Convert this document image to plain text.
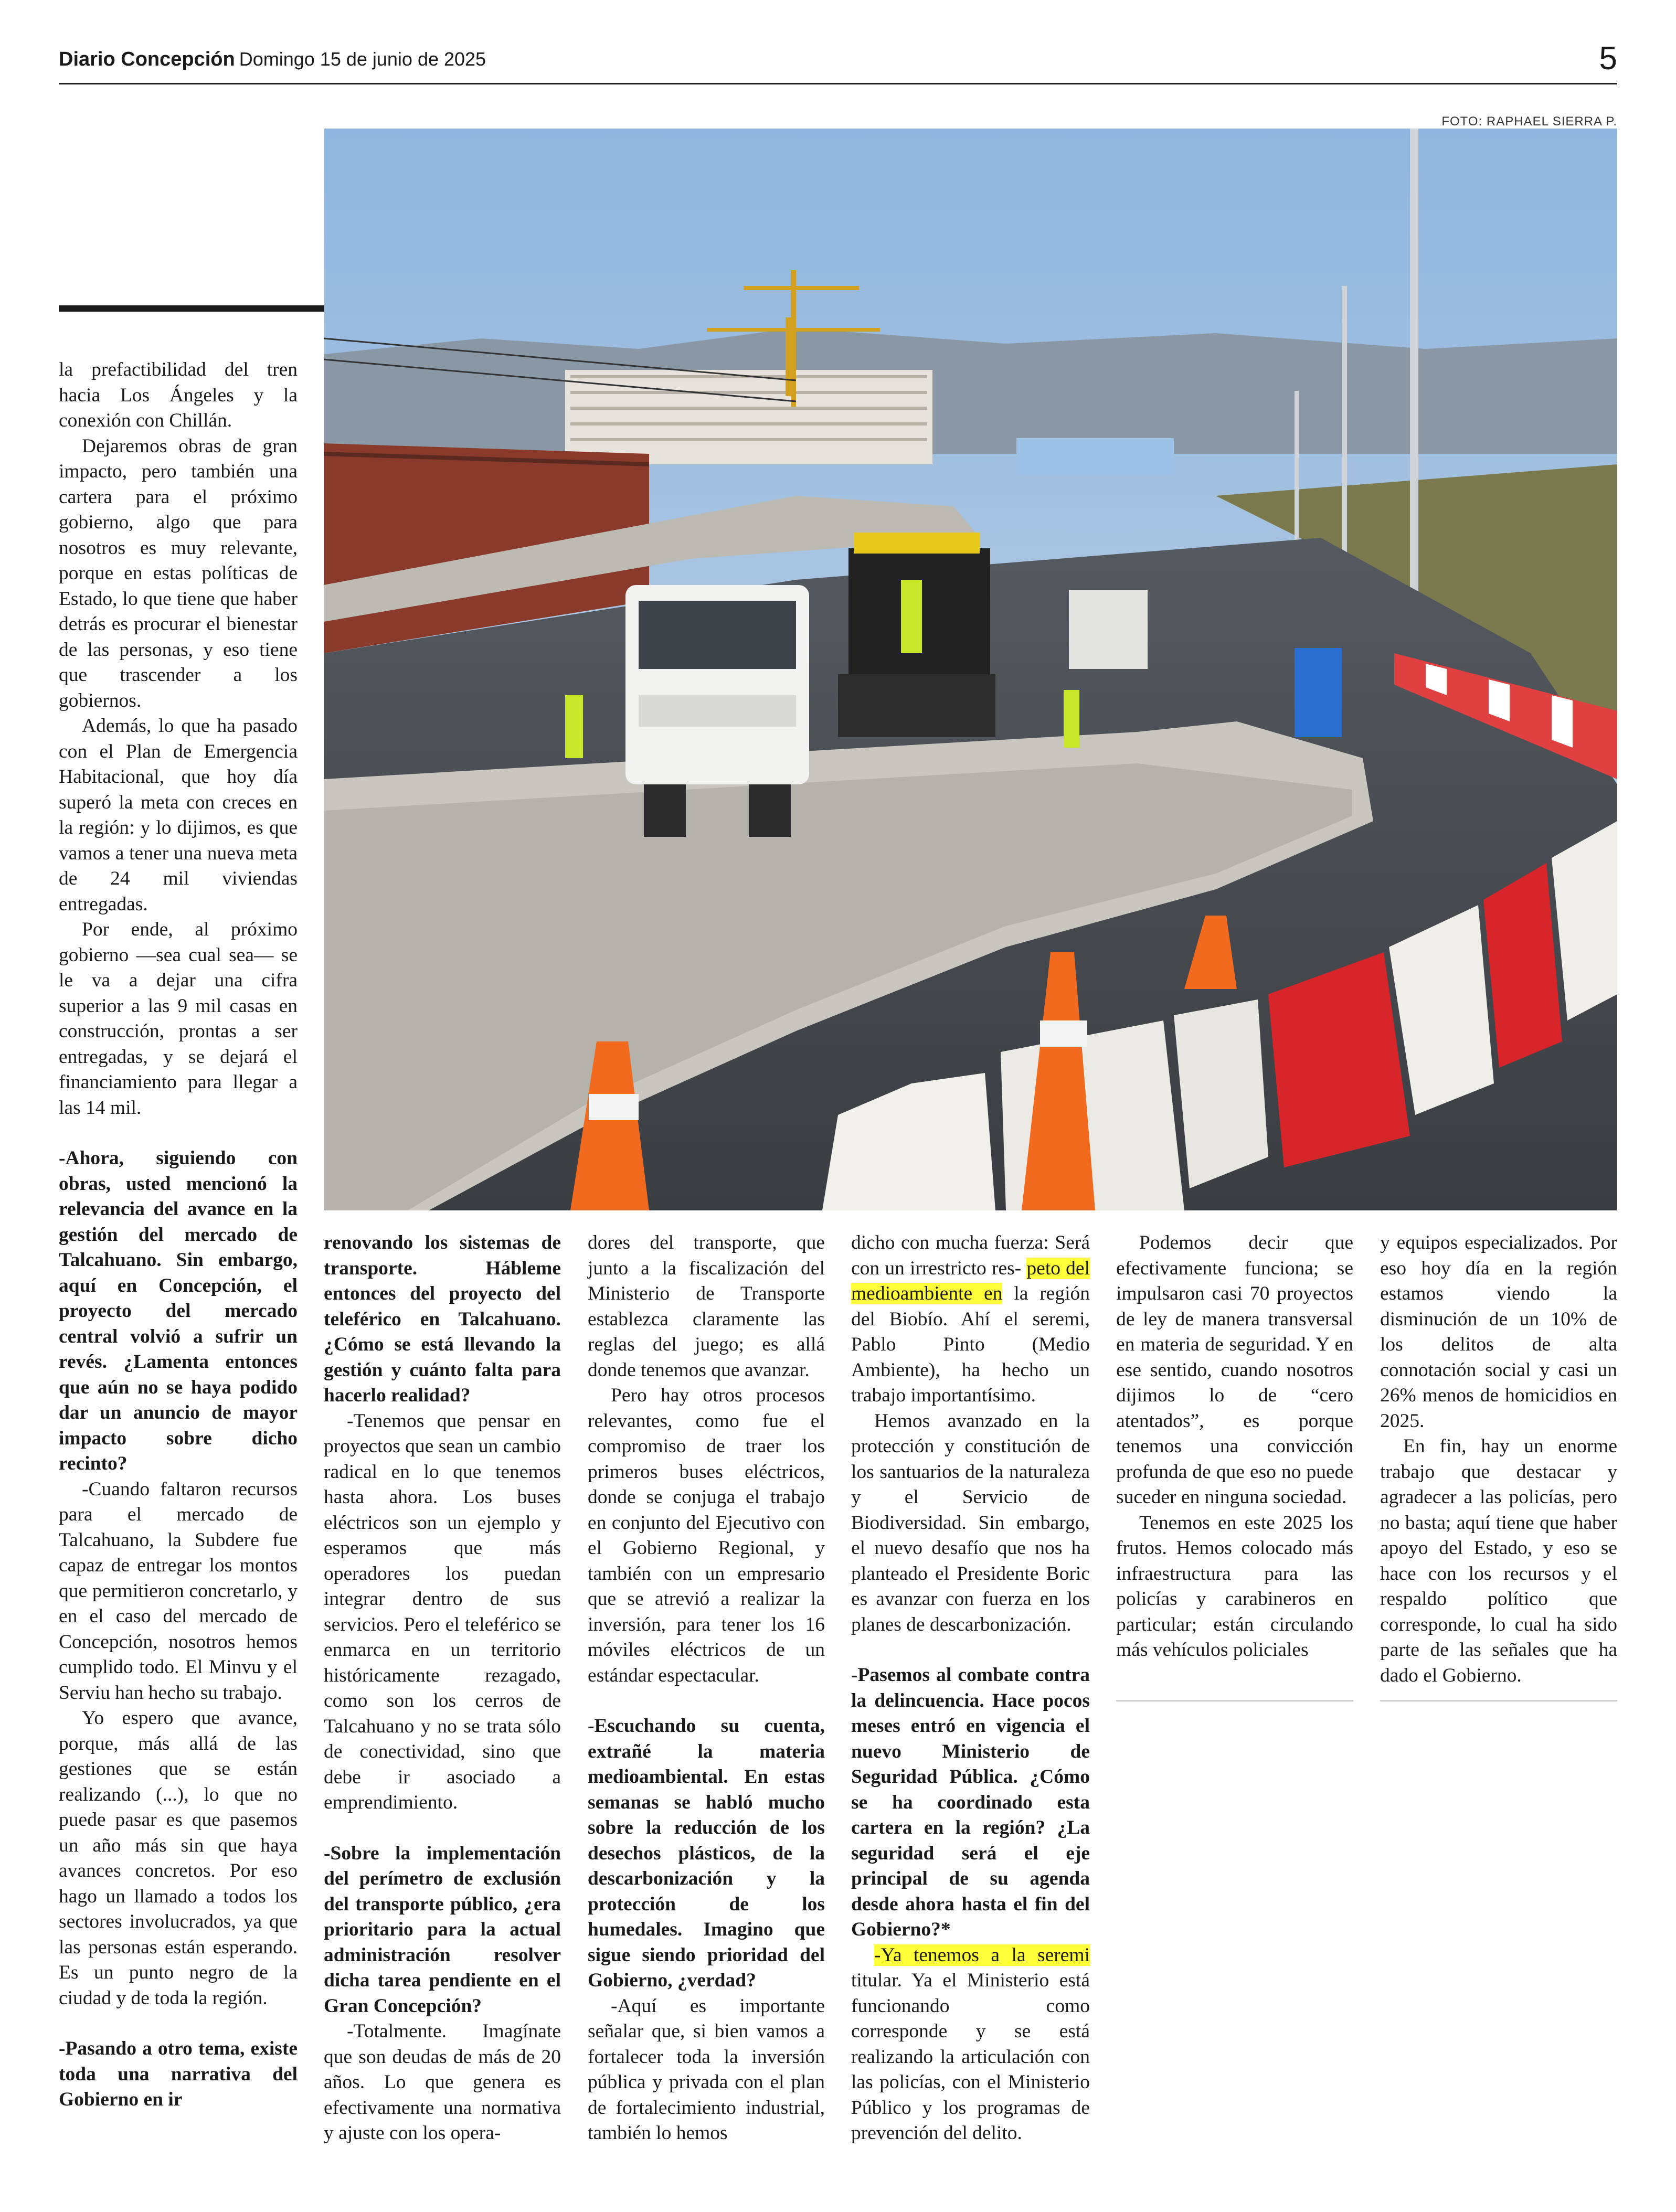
Diario Concepción Domingo 15 de junio de 2025	5
FOTO: RAPHAEL SIERRA P.

la prefactibilidad del tren hacia Los Ángeles y la conexión con Chillán.

Dejaremos obras de gran impacto, pero también una cartera para el próximo gobierno, algo que para nosotros es muy relevante, porque en estas políticas de Estado, lo que tiene que haber detrás es procurar el bienestar de las personas, y eso tiene que trascender a los gobiernos.

Además, lo que ha pasado con el Plan de Emergencia Habitacional, que hoy día superó la meta con creces en la región: y lo dijimos, es que vamos a tener una nueva meta de 24 mil viviendas entregadas.

Por ende, al próximo gobierno —sea cual sea— se le va a dejar una cifra superior a las 9 mil casas en construcción, prontas a ser entregadas, y se dejará el financiamiento para llegar a las 14 mil.

-Ahora, siguiendo con obras, usted mencionó la relevancia del avance en la gestión del mercado de Talcahuano. Sin embargo, aquí en Concepción, el proyecto del mercado central volvió a sufrir un revés. ¿Lamenta entonces que aún no se haya podido dar un anuncio de mayor impacto sobre dicho recinto?

-Cuando faltaron recursos para el mercado de Talcahuano, la Subdere fue capaz de entregar los montos que permitieron concretarlo, y en el caso del mercado de Concepción, nosotros hemos cumplido todo. El Minvu y el Serviu han hecho su trabajo.

Yo espero que avance, porque, más allá de las gestiones que se están realizando (...), lo que no puede pasar es que pasemos un año más sin que haya avances concretos. Por eso hago un llamado a todos los sectores involucrados, ya que las personas están esperando. Es un punto negro de la ciudad y de toda la región.

-Pasando a otro tema, existe toda una narrativa del Gobierno en ir

renovando los sistemas de transporte. Hábleme entonces del proyecto del teleférico en Talcahuano. ¿Cómo se está llevando la gestión y cuánto falta para hacerlo realidad?

-Tenemos que pensar en proyectos que sean un cambio radical en lo que tenemos hasta ahora. Los buses eléctricos son un ejemplo y esperamos que más operadores los puedan integrar dentro de sus servicios. Pero el teleférico se enmarca en un territorio históricamente rezagado, como son los cerros de Talcahuano y no se trata sólo de conectividad, sino que debe ir asociado a emprendimiento.

-Sobre la implementación del perímetro de exclusión del transporte público, ¿era prioritario para la actual administración resolver dicha tarea pendiente en el Gran Concepción?

-Totalmente. Imagínate que son deudas de más de 20 años. Lo que genera es efectivamente una normativa y ajuste con los opera-

dores del transporte, que junto a la fiscalización del Ministerio de Transporte establezca claramente las reglas del juego; es allá donde tenemos que avanzar.

Pero hay otros procesos relevantes, como fue el compromiso de traer los primeros buses eléctricos, donde se conjuga el trabajo en conjunto del Ejecutivo con el Gobierno Regional, y también con un empresario que se atrevió a realizar la inversión, para tener los 16 móviles eléctricos de un estándar espectacular.

-Escuchando su cuenta, extrañé la materia medioambiental. En estas semanas se habló mucho sobre la reducción de los desechos plásticos, de la descarbonización y la protección de los humedales. Imagino que sigue siendo prioridad del Gobierno, ¿verdad?

-Aquí es importante señalar que, si bien vamos a fortalecer toda la inversión pública y privada con el plan de fortalecimiento industrial, también lo hemos

dicho con mucha fuerza: Será con un irrestricto res- peto del medioambiente en la región del Biobío. Ahí el seremi, Pablo Pinto (Medio Ambiente), ha hecho un trabajo importantísimo.

Hemos avanzado en la protección y constitución de los santuarios de la naturaleza y el Servicio de Biodiversidad. Sin embargo, el nuevo desafío que nos ha planteado el Presidente Boric es avanzar con fuerza en los planes de descarbonización.

-Pasemos al combate contra la delincuencia. Hace pocos meses entró en vigencia el nuevo Ministerio de Seguridad Pública. ¿Cómo se ha coordinado esta cartera en la región? ¿La seguridad será el eje principal de su agenda desde ahora hasta el fin del Gobierno?*

-Ya tenemos a la seremi titular. Ya el Ministerio está funcionando como corresponde y se está realizando la articulación con las policías, con el Ministerio Público y los programas de prevención del delito.

Podemos decir que efectivamente funciona; se impulsaron casi 70 proyectos de ley de manera transversal en materia de seguridad. Y en ese sentido, cuando nosotros dijimos lo de “cero atentados”, es porque tenemos una convicción profunda de que eso no puede suceder en ninguna sociedad.

Tenemos en este 2025 los frutos. Hemos colocado más infraestructura para las policías y carabineros en particular; están circulando más vehículos policiales

y equipos especializados. Por eso hoy día en la región estamos viendo la disminución de un 10% de los delitos de alta connotación social y casi un 26% menos de homicidios en 2025.

En fin, hay un enorme trabajo que destacar y agradecer a las policías, pero no basta; aquí tiene que haber apoyo del Estado, y eso se hace con los recursos y el respaldo político que corresponde, lo cual ha sido parte de las señales que ha dado el Gobierno.
